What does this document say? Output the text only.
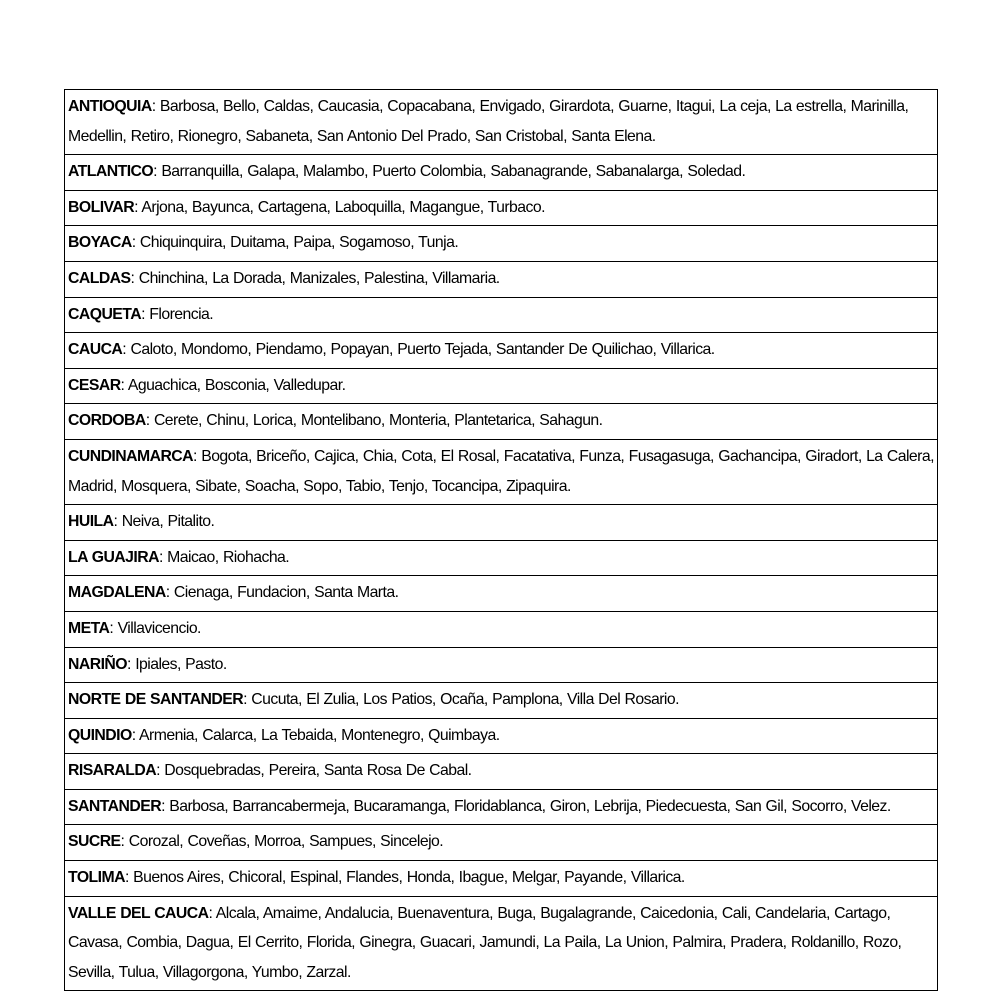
ANTIOQUIA: Barbosa, Bello, Caldas, Caucasia, Copacabana, Envigado, Girardota, Guarne, Itagui, La ceja, La estrella, Marinilla, Medellin, Retiro, Rionegro, Sabaneta, San Antonio Del Prado, San Cristobal, Santa Elena.
ATLANTICO: Barranquilla, Galapa, Malambo, Puerto Colombia, Sabanagrande, Sabanalarga, Soledad.
BOLIVAR: Arjona, Bayunca, Cartagena, Laboquilla, Magangue, Turbaco.
BOYACA: Chiquinquira, Duitama, Paipa, Sogamoso, Tunja.
CALDAS: Chinchina, La Dorada, Manizales, Palestina, Villamaria.
CAQUETA: Florencia.
CAUCA: Caloto, Mondomo, Piendamo, Popayan, Puerto Tejada, Santander De Quilichao, Villarica.
CESAR: Aguachica, Bosconia, Valledupar.
CORDOBA: Cerete, Chinu, Lorica, Montelibano, Monteria, Plantetarica, Sahagun.
CUNDINAMARCA: Bogota, Briceño, Cajica, Chia, Cota, El Rosal, Facatativa, Funza, Fusagasuga, Gachancipa, Giradort, La Calera, Madrid, Mosquera, Sibate, Soacha, Sopo, Tabio, Tenjo, Tocancipa, Zipaquira.
HUILA: Neiva, Pitalito.
LA GUAJIRA: Maicao, Riohacha.
MAGDALENA: Cienaga, Fundacion, Santa Marta.
META: Villavicencio.
NARIÑO: Ipiales, Pasto.
NORTE DE SANTANDER: Cucuta, El Zulia, Los Patios, Ocaña, Pamplona, Villa Del Rosario.
QUINDIO: Armenia, Calarca, La Tebaida, Montenegro, Quimbaya.
RISARALDA: Dosquebradas, Pereira, Santa Rosa De Cabal.
SANTANDER: Barbosa, Barrancabermeja, Bucaramanga, Floridablanca, Giron, Lebrija, Piedecuesta, San Gil, Socorro, Velez.
SUCRE: Corozal, Coveñas, Morroa, Sampues, Sincelejo.
TOLIMA: Buenos Aires, Chicoral, Espinal, Flandes, Honda, Ibague, Melgar, Payande, Villarica.
VALLE DEL CAUCA: Alcala, Amaime, Andalucia, Buenaventura, Buga, Bugalagrande, Caicedonia, Cali, Candelaria, Cartago, Cavasa, Combia, Dagua, El Cerrito, Florida, Ginegra, Guacari, Jamundi, La Paila, La Union, Palmira, Pradera, Roldanillo, Rozo, Sevilla, Tulua, Villagorgona, Yumbo, Zarzal.
